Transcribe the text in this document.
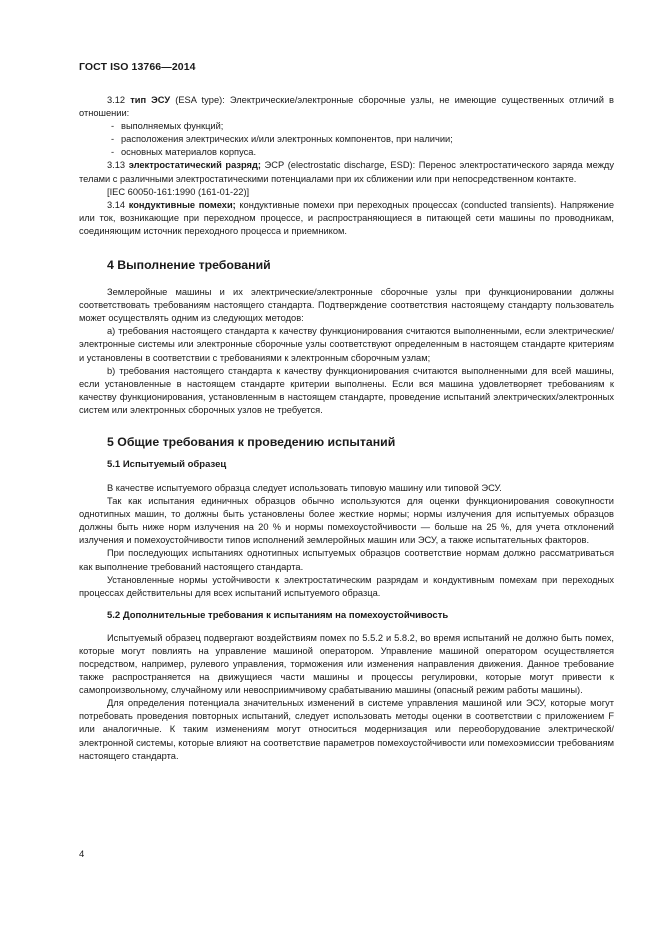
ГОСТ ISO 13766—2014

3.12 тип ЭСУ (ESA type): Электрические/электронные сборочные узлы, не имеющие существенных отличий в отношении:

- выполняемых функций;
- расположения электрических и/или электронных компонентов, при наличии;
- основных материалов корпуса.

3.13 электростатический разряд; ЭСР (electrostatic discharge, ESD): Перенос электростатического заряда между телами с различными электростатическими потенциалами при их сближении или при непосредственном контакте.

[IEC 60050-161:1990 (161-01-22)]

3.14 кондуктивные помехи; кондуктивные помехи при переходных процессах (conducted transients). Напряжение или ток, возникающие при переходном процессе, и распространяющиеся в питающей сети машины по проводникам, соединяющим источник переходного процесса и приемником.

4 Выполнение требований

Землеройные машины и их электрические/электронные сборочные узлы при функционировании должны соответствовать требованиям настоящего стандарта. Подтверждение соответствия настоящему стандарту пользователь может осуществлять одним из следующих методов:

a) требования настоящего стандарта к качеству функционирования считаются выполненными, если электрические/электронные системы или электронные сборочные узлы соответствуют определенным в настоящем стандарте критериям и установлены в соответствии с требованиями к электронным сборочным узлам;

b) требования настоящего стандарта к качеству функционирования считаются выполненными для всей машины, если установленные в настоящем стандарте критерии выполнены. Если вся машина удовлетворяет требованиям к качеству функционирования, установленным в настоящем стандарте, проведение испытаний электрических/электронных систем или электронных сборочных узлов не требуется.

5 Общие требования к проведению испытаний
5.1 Испытуемый образец

В качестве испытуемого образца следует использовать типовую машину или типовой ЭСУ.

Так как испытания единичных образцов обычно используются для оценки функционирования совокупности однотипных машин, то должны быть установлены более жесткие нормы; нормы излучения для испытуемых образцов должны быть ниже норм излучения на 20 % и нормы помехоустойчивости — больше на 25 %, для учета отклонений излучения и помехоустойчивости типов исполнений землеройных машин или ЭСУ, а также испытательных факторов.

При последующих испытаниях однотипных испытуемых образцов соответствие нормам должно рассматриваться как выполнение требований настоящего стандарта.

Установленные нормы устойчивости к электростатическим разрядам и кондуктивным помехам при переходных процессах действительны для всех испытаний испытуемого образца.

5.2 Дополнительные требования к испытаниям на помехоустойчивость

Испытуемый образец подвергают воздействиям помех по 5.5.2 и 5.8.2, во время испытаний не должно быть помех, которые могут повлиять на управление машиной оператором. Управление машиной оператором осуществляется посредством, например, рулевого управления, торможения или изменения направления движения. Данное требование также распространяется на движущиеся части машины и процессы регулировки, которые могут привести к самопроизвольному, случайному или невосприимчивому срабатыванию машины (опасный режим работы машины).

Для определения потенциала значительных изменений в системе управления машиной или ЭСУ, которые могут потребовать проведения повторных испытаний, следует использовать методы оценки в соответствии с приложением F или аналогичные. К таким изменениям могут относиться модернизация или переоборудование электрической/электронной системы, которые влияют на соответствие параметров помехоустойчивости или помехоэмиссии требованиям настоящего стандарта.

4
